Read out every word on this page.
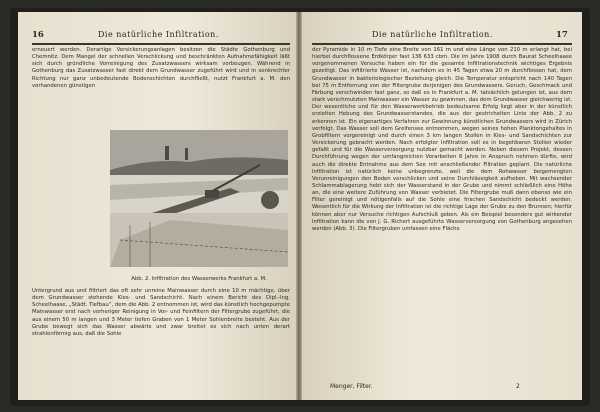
16	Die natürliche Infiltration.

erneuert werden. Derartige Versickerungsanlagen besitzen die Städte Gothenburg und Chemnitz. Dem Mangel der schnellen Verschlickung und beschränkten Aufnahmefähigkeit läßt sich durch gründliche Vorreinigung des Zusatzwassers wirksam vorbeugen. Während in Gothenburg das Zusatzwasser fast direkt dem Grundwasser zugeführt wird und in senkrechter Richtung nur ganz unbedeutende Bodenschichten durchfließt, nutzt Frankfurt a. M. den vorhandenen günstigen

Abb. 2. Infiltration des Wasserwerks Frankfurt a. M.

Untergrund aus und filtriert das oft sehr unreine Mainwasser durch eine 10 m mächtige, über dem Grundwasser stehende Kies- und Sandschicht. Nach einem Bericht des Dipl.-Ing. Scheelhaase, „Städt. Tiefbau“, dem die Abb. 2 entnommen ist, wird das künstlich hochgepumpte Mainwasser erst nach vorheriger Reinigung in Vor- und Feinfiltern der Filtergrube zugeführt, die aus einem 50 m langen und 3 Meter tiefen Graben von 1 Meter Sohlenbreite besteht. Aus der Grube bewegt sich das Wasser abwärts und zwar breitet es sich nach unten derart strahlenförmig aus, daß die Sohle

Die natürliche Infiltration.	17

der Pyramide in 10 m Tiefe eine Breite von 161 m und eine Länge von 210 m erlangt hat, bei hierbei durchflossene Erdkörper fast 136 633 cbm. Die im Jahre 1908 durch Baurat Scheelhaase vorgenommenen Versuche haben ein für die gesamte Infiltrationstechnik wichtiges Ergebnis gezeitigt. Das infiltrierte Wasser ist, nachdem es in 45 Tagen etwa 20 m durchflossen hat, dem Grundwasser in bakteriologischer Beziehung gleich. Die Temperatur entspricht nach 140 Tagen bei 75 m Entfernung von der Filtergrube derjenigen des Grundwassers. Geruch, Geschmack und Färbung verschwinden fast ganz, so daß es in Frankfurt a. M. tatsächlich gelungen ist, aus dem stark verschmutzten Mainwasser ein Wasser zu gewinnen, das dem Grundwasser gleichwertig ist. Der wesentliche und für den Wasserwerkbetrieb bedeutsame Erfolg liegt aber in der künstlich erzielten Hebung des Grundwasserstandes, die aus der gestrichelten Linie der Abb. 2 zu erkennen ist. Ein eigenartiges Verfahren zur Gewinnung künstlichen Grundwassers wird in Zürich verfolgt. Das Wasser soll dem Greifensee entnommen, wegen seines hohen Planktongehaltes in Grobfiltern vorgereinigt und durch einen 3 km langen Stollen in Kies- und Sandschichten zur Versickerung gebracht werden. Nach erfolgter Infiltration soll es in begehbaren Stollen wieder gefaßt und für die Wasserversorgung nutzbar gemacht werden. Neben diesem Projekt, dessen Durchführung wegen der umfangreichen Vorarbeiten 6 Jahre in Anspruch nehmen dürfte, wird auch die direkte Entnahme aus dem See mit anschließender Filtration geplant. Die natürliche Infiltration ist natürlich keine unbegrenzte, weil die dem Rohwasser beigemengten Verunreinigungen den Boden verschlicken und seine Durchlässigkeit aufheben. Mit wachsender Schlammablagerung hebt sich der Wasserstand in der Grube und nimmt schließlich eine Höhe an, die eine weitere Zuführung von Wasser verbietet. Die Filtergrube muß dann ebenso wie ein Filter gereinigt und nötigenfalls auf die Sohle eine frischen Sandschicht bedeckt werden. Wesentlich für die Wirkung der Infiltration ist die richtige Lage der Grube zu den Brunnen; hierfür können aber nur Versuche richtigen Aufschluß geben. Als ein Beispiel besonders gut wirkender Infiltration kann die von J. G. Richert ausgeführte Wasserversorgung von Gothenburg angesehen werden (Abb. 3). Die Filtergruben umfassen eine Fläche

Menger, Filter.	2
